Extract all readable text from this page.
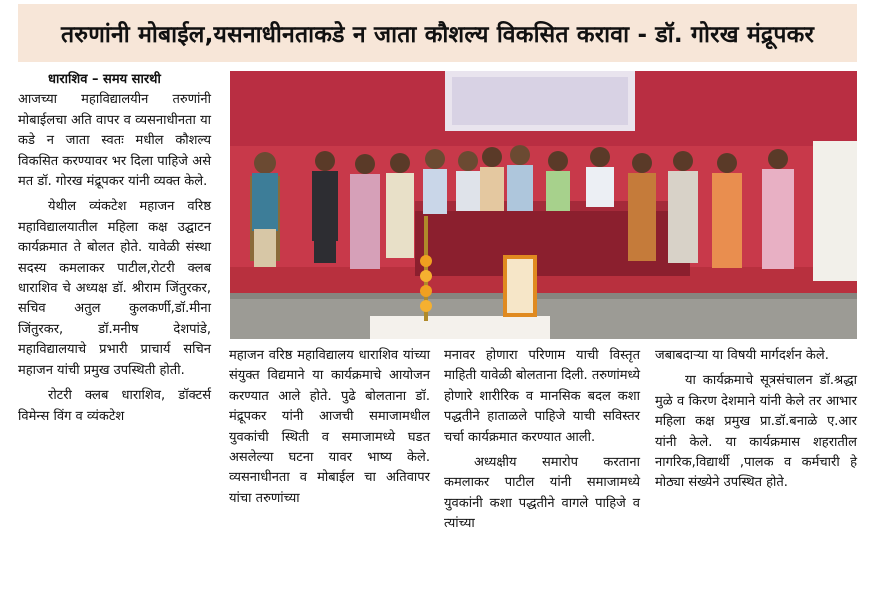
तरुणांनी मोबाईल,यसनाधीनताकडे न जाता कौशल्य विकसित करावा - डॉ. गोरख मंद्रूपकर

धाराशिव – समय सारथी
आजच्या महाविद्यालयीन तरुणांनी मोबाईलचा अति वापर व व्यसनाधीनता या कडे न जाता स्वतः मधील कौशल्य विकसित करण्यावर भर दिला पाहिजे असे मत डॉ. गोरख मंद्रूपकर यांनी व्यक्त केले.

येथील व्यंकटेश महाजन वरिष्ठ महाविद्यालयातील महिला कक्ष उद्घाटन कार्यक्रमात ते बोलत होते. यावेळी संस्था सदस्य कमलाकर पाटील,रोटरी क्लब धाराशिव चे अध्यक्ष डॉ. श्रीराम जिंतुरकर, सचिव अतुल कुलकर्णी,डॉ.मीना जिंतुरकर, डॉ.मनीष देशपांडे, महाविद्यालयाचे प्रभारी प्राचार्य सचिन महाजन यांची प्रमुख उपस्थिती होती.

रोटरी क्लब धाराशिव, डॉक्टर्स विमेन्स विंग व व्यंकटेश

महाजन वरिष्ठ महाविद्यालय धाराशिव यांच्या संयुक्त विद्यमाने या कार्यक्रमाचे आयोजन करण्यात आले होते. पुढे बोलताना डॉ. मंद्रूपकर यांनी आजची समाजामधील युवकांची स्थिती व समाजामध्ये घडत असलेल्या घटना यावर भाष्य केले. व्यसनाधीनता व मोबाईल चा अतिवापर यांचा तरुणांच्या

मनावर होणारा परिणाम याची विस्तृत माहिती यावेळी बोलताना दिली. तरुणांमध्ये होणारे शारीरिक व मानसिक बदल कशा पद्धतीने हाताळले पाहिजे याची सविस्तर चर्चा कार्यक्रमात करण्यात आली.

अध्यक्षीय समारोप करताना कमलाकर पाटील यांनी समाजामध्ये युवकांनी कशा पद्धतीने वागले पाहिजे व त्यांच्या

जबाबदाऱ्या या विषयी मार्गदर्शन केले.

या कार्यक्रमाचे सूत्रसंचालन डॉ.श्रद्धा मुळे व किरण देशमाने यांनी केले तर आभार महिला कक्ष प्रमुख प्रा.डॉ.बनाळे ए.आर यांनी केले. या कार्यक्रमास शहरातील नागरिक,विद्यार्थी ,पालक व कर्मचारी हे मोठ्या संख्येने उपस्थित होते.
